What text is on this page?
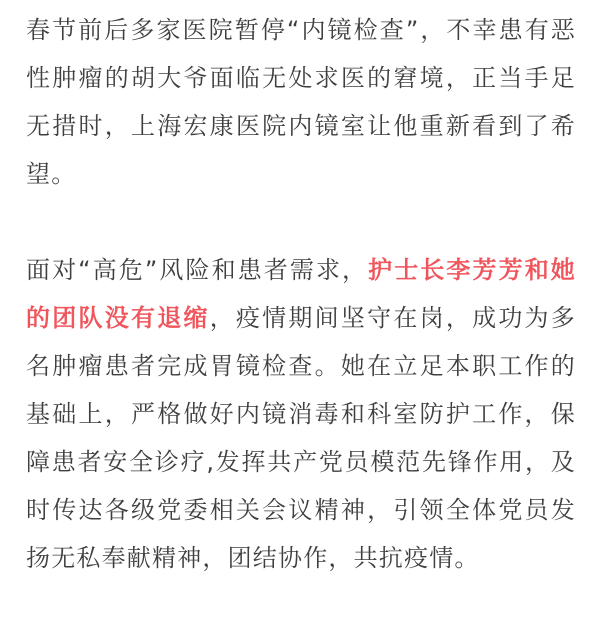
春节前后多家医院暂停“内镜检查”，不幸患有恶性肿瘤的胡大爷面临无处求医的窘境，正当手足无措时，上海宏康医院内镜室让他重新看到了希望。

面对“高危”风险和患者需求，护士长李芳芳和她的团队没有退缩，疫情期间坚守在岗，成功为多名肿瘤患者完成胃镜检查。她在立足本职工作的基础上，严格做好内镜消毒和科室防护工作，保障患者安全诊疗,发挥共产党员模范先锋作用，及时传达各级党委相关会议精神，引领全体党员发扬无私奉献精神，团结协作，共抗疫情。
